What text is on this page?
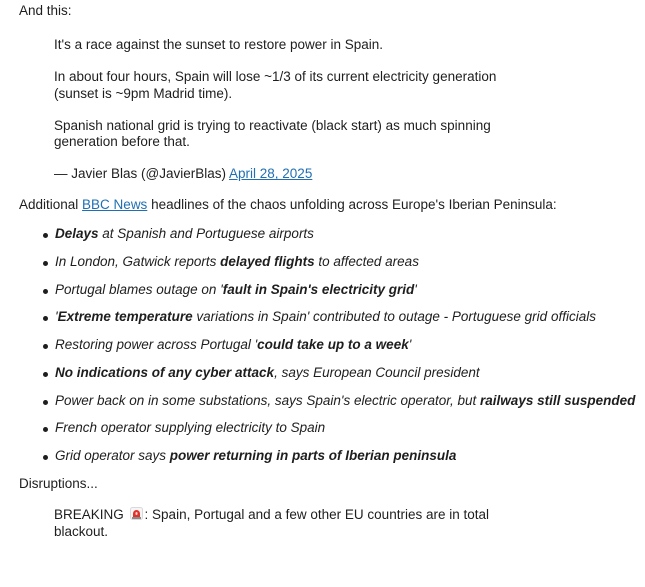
And this:

It's a race against the sunset to restore power in Spain.

In about four hours, Spain will lose ~1/3 of its current electricity generation
(sunset is ~9pm Madrid time).

Spanish national grid is trying to reactivate (black start) as much spinning
generation before that.

— Javier Blas (@JavierBlas) April 28, 2025

Additional BBC News headlines of the chaos unfolding across Europe's Iberian Peninsula:

Delays at Spanish and Portuguese airports
In London, Gatwick reports delayed flights to affected areas
Portugal blames outage on 'fault in Spain's electricity grid'
'Extreme temperature variations in Spain' contributed to outage - Portuguese grid officials
Restoring power across Portugal 'could take up to a week'
No indications of any cyber attack, says European Council president
Power back on in some substations, says Spain's electric operator, but railways still suspended
French operator supplying electricity to Spain
Grid operator says power returning in parts of Iberian peninsula

Disruptions...

BREAKING : Spain, Portugal and a few other EU countries are in total
blackout.
